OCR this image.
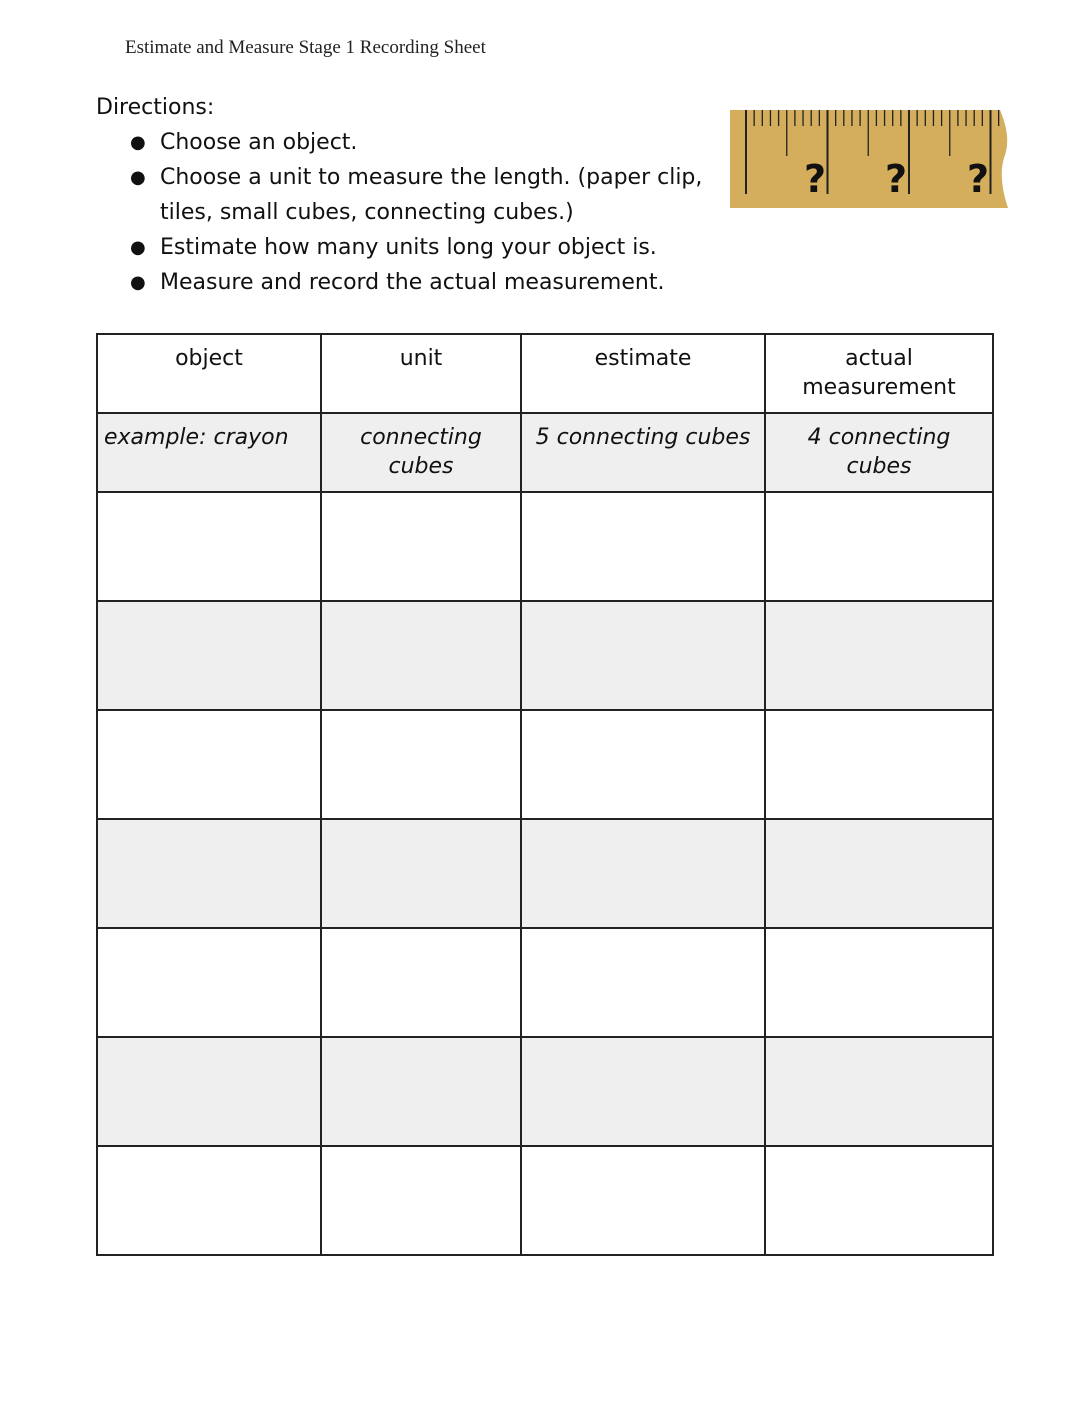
Estimate and Measure Stage 1 Recording Sheet
Directions:
● Choose an object.
● Choose a unit to measure the length. (paper clip, tiles, small cubes, connecting cubes.)
● Estimate how many units long your object is.
● Measure and record the actual measurement.
? ? ?
object	unit	estimate	actual measurement
example: crayon	connecting cubes	5 connecting cubes	4 connecting cubes
